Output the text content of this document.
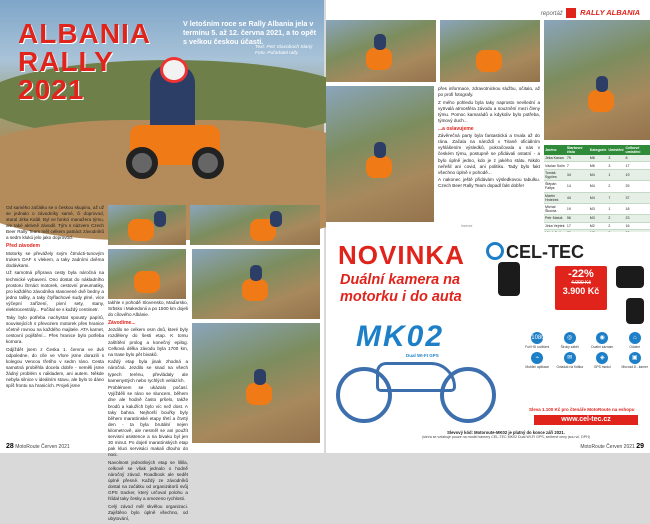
ALBANIA
RALLY
2021
V letošním roce se Rally Albania jela v termínu 5. až 12. června 2021, a to opět s velkou českou účastí.
Text: Petr Slavoboch Slaný
Foto: Pořadatel rally

Od samého začátku se o českou skupinu, až už se jednalo o závodníky samé, či doprovod, staral Jirka Kalál. Byl ve funkci manažera týmu, ale také aktivně závodil. Tým s názvem Czech Beer Rally Team měl celkem patnáct závodníků a sedm klukú jelo jako doprovod.

Před závodem

Motorky se převážely svým čtrnácti-tunovým trukem DAF s vlekem, a taky zadními dvěma dodávkami.

Už samotná příprava cesty byla náročná na technické vybavení. Ono dostat do nákladního prostoru čtrnáct motorek, cestovní pneumatiky, pro každého závodníka stanovené dvě bedny a jedno tašky, a taky čtyřlachové sudy plné, více výčepní zařízení, pivní sety, stany, elektrocentrály... Počítal se s každý centimetr.

Taky bylo potřeba nachystat spousty papírů, souvisejících s převozem motorek přes hranice včetně rovnou na každého majitele. ATA karnet, cestovní pojištění... Přes hranice bylo potřeba komora.

Odjíždět jsem z Česka 1. června ve dvě odpoledne, do cíle ve Vlore jsme dorazili s kolegou Vencou třetího v sedm ráno. Cesta samotná proběhla docela dobře - neměli jsme žádný problém s nákladem, ani autem. Někde nebyla silnice v ideálním stavu, ale bylo to dáno spíš frontu na hranicích. Projeli jsme

takhle v pohodě Slovensko, Maďarsko, Srbsko i Makedonii a po 1500 km dojeli do cílového Albánie.

Závodíme...

Jezdilo se celkem osm dnů, které byly rozděleny do šesti etap. K tomu zaštítění prolog a konečný epilog. Celková délka závodu byla 1700 km, na trase bylo pět bivaků.

Každý etap byla jinak zhodná a náročná. Jezdilo se snad na všech typech terénu, převládaly ale kamenystých nebo rychlých veliázích.

Problémem se ukázalo počasí. Vyjížděli se ráno se sluncem, během dne ale hodně často pršelo, takže brodů a kalužích bylo víc než dost. A taky bahna. Nejhorší bouřky byly během maratónské etapy třetí a čtvrtý den - ta byla brutální nejen kilometrově, ale nesměl se ani použít servisní asistence a na bivaku byl jen 30 minut. Po dojetí maratónských etap pak kluci servisáci makali dlouho do noci.

Navolnost jednotlivých etap se lišila, celkově se však jednalo o hodně náročný závod. Roadbook ale sedět úplně přesně. Každý ze závodníků dostal na začátku od organizátorů svůj GPS tracker, který určoval polohu a hlídal taky česky a omezeno rychlosti.

Celý závod měl skvělou organizaci. Zajištěno bylo úplně všechno, od ubytování,

28 MotoRoute Červen 2021
reportáž RALLY ALBANIA

přes informace, zdravotnickou službu, očitalo, až po profi fotografy.

Z mého pohledu byla taky naprosto nevšední a vytrvalá atmosféra závodu a souznění mezi členy týmu. Pomoc kamarádů a kdykoliv bylo potřeba, týmový duch...

...a oslavujeme

Závěrečná party byla fantastická a trvala až do rána. Začala na nároždí v Tiraně oficiálním vyhlášením výsledků, pokračovala u nás v českém týmu, postupně se přidávali ostatní - a bylo úplně jedno, kdo je z jakého státu. Nikdo neřešil ani covid, ani politiku. Tady bylo fakt všechno úplně v pohodě...

A nakonec ještě přidávám výsledkovou tabulku. Czech Beer Rally Team dopadl fakt dobře!

Jméno	Startovní číslo	Kategorie	Umístění	Celkové umístění
Jirka Kavan	79	M6	3	8
Václav Solin	7	M6	3	17
Tomáš Sypčes	34	M4	1	19
Štěpán Faltys	14	M4	2	25
Martin Hrdeček	44	M4	7	37
Michal Škorda	19	M3	1	18
Petr Matuš	56	M3	2	23
Jirka Vejrtek	17	M2	2	16

Inzerce
NOVINKA CEL-TEC
Duální kamera na motorku i do auta
MK02
Dual WI-FI GPS
-22%
4.990 Kč
3.900 Kč
1080
Full HD rozlišení
◎
Široký záběr
◉
Duální záznam
⌂
Odolné
⌁
Mobilní aplikace
✉
Ovladač na řidítka
◈
GPS modul
▣
Microsd 8 - kamer
Sleva 1.100 Kč pro čtenáře MotoRoute na eshopu
www.cel-tec.cz
Slevový kód: Motoroute-MK02 je platný do konce září 2021.
(sleva se vztahuje pouze na model kamery CEL-TEC MK02 Dual WI-FI GPS, sečtené ceny jsou vč. DPH)
MotoRoute Červen 2021 29
